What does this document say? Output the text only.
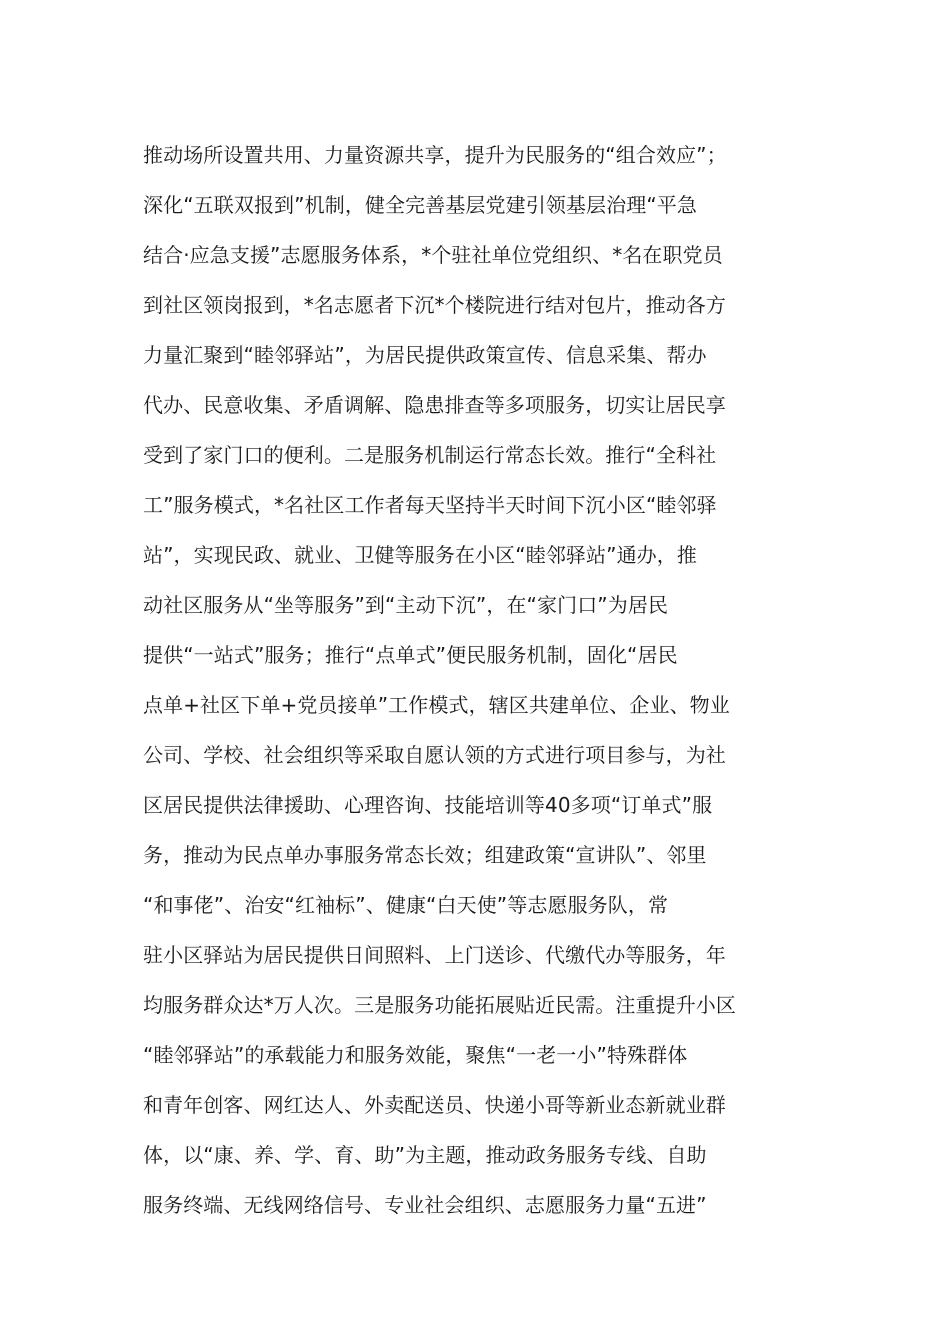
推动场所设置共用、力量资源共享，提升为民服务的“组合效应”；
深化“五联双报到”机制，健全完善基层党建引领基层治理“平急
结合·应急支援”志愿服务体系，*个驻社单位党组织、*名在职党员
到社区领岗报到，*名志愿者下沉*个楼院进行结对包片，推动各方
力量汇聚到“睦邻驿站”，为居民提供政策宣传、信息采集、帮办
代办、民意收集、矛盾调解、隐患排查等多项服务，切实让居民享
受到了家门口的便利。二是服务机制运行常态长效。推行“全科社
工”服务模式，*名社区工作者每天坚持半天时间下沉小区“睦邻驿
站”，实现民政、就业、卫健等服务在小区“睦邻驿站”通办，推
动社区服务从“坐等服务”到“主动下沉”，在“家门口”为居民
提供“一站式”服务；推行“点单式”便民服务机制，固化“居民
点单+社区下单+党员接单”工作模式，辖区共建单位、企业、物业
公司、学校、社会组织等采取自愿认领的方式进行项目参与，为社
区居民提供法律援助、心理咨询、技能培训等40多项“订单式”服
务，推动为民点单办事服务常态长效；组建政策“宣讲队”、邻里
“和事佬”、治安“红袖标”、健康“白天使”等志愿服务队，常
驻小区驿站为居民提供日间照料、上门送诊、代缴代办等服务，年
均服务群众达*万人次。三是服务功能拓展贴近民需。注重提升小区
“睦邻驿站”的承载能力和服务效能，聚焦“一老一小”特殊群体
和青年创客、网红达人、外卖配送员、快递小哥等新业态新就业群
体，以“康、养、学、育、助”为主题，推动政务服务专线、自助
服务终端、无线网络信号、专业社会组织、志愿服务力量“五进”
